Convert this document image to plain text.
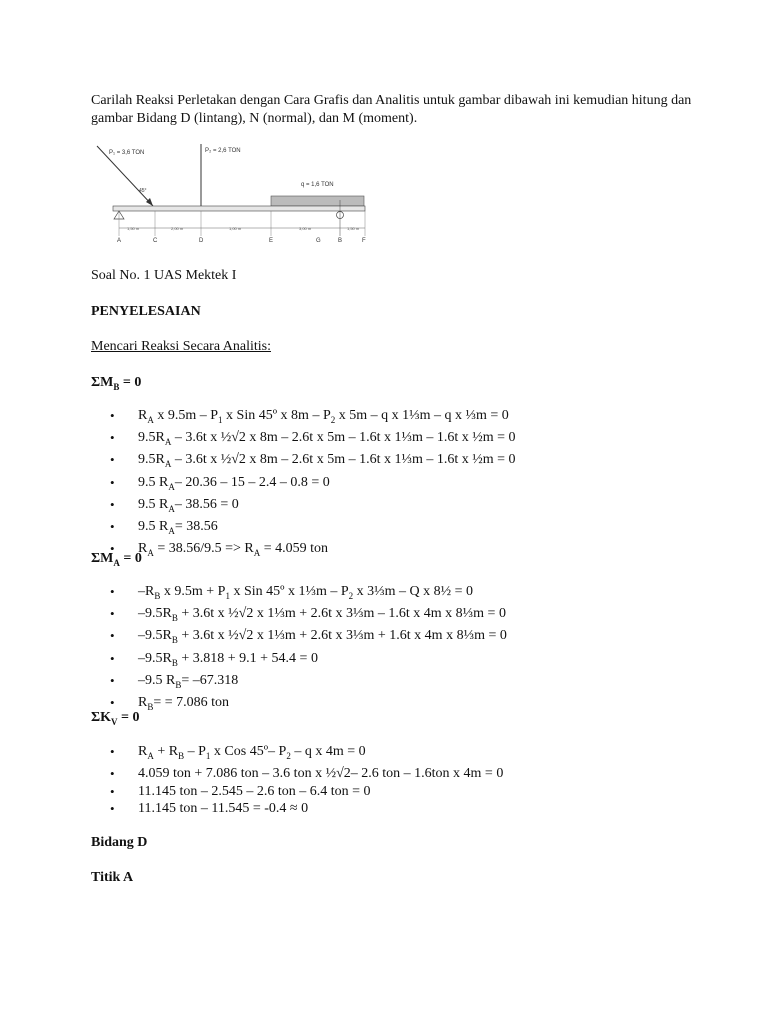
Carilah Reaksi Perletakan dengan Cara Grafis dan Analitis untuk gambar dibawah ini kemudian hitung dan gambar Bidang D (lintang), N (normal), dan M (moment).

P₁ = 3,6 TON
45°
P₂ = 2,6 TON
q = 1,6 TON
1,50 m	2,00 m	1,00 m	3,00 m	1,50 m
A	C	D	E	G	B	F

Soal No. 1 UAS Mektek I

PENYELESAIAN

Mencari Reaksi Secara Analitis:

$\Sigma M_B = 0$

• $R_A$ x $9.5m - P_1$ x Sin 45º x $8m - P_2$ x 5m – q x 1⅓m – q x ⅓m = 0
• $9.5R_A - 3.6t$ x ½√2 x 8m – 2.6t x 5m – 1.6t x 1⅓m – 1.6t x ½m = 0
• $9.5R_A - 3.6t$ x ½√2 x 8m – 2.6t x 5m – 1.6t x 1⅓m – 1.6t x ½m = 0
• 9.5 $R_A-$ 20.36 – 15 – 2.4 – 0.8 = 0
• 9.5 $R_A-$ 38.56 = 0
• 9.5 $R_A= 38.56$
• $R_A = 38.56/9.5 => R_A = 4.059$ ton

$\Sigma M_A = 0$

• $-R_B$ x $9.5m + P_1$ x Sin 45º x 1⅓m – $P_2$ x 3⅓m – Q x 8½ = 0
• $-9.5R_B + 3.6t$ x ½√2 x 1⅓m + 2.6t x 3⅓m – 1.6t x 4m x 8⅓m = 0
• $-9.5R_B + 3.6t$ x ½√2 x 1⅓m + 2.6t x 3⅓m + 1.6t x 4m x 8⅓m = 0
• $-9.5R_B + 3.818 + 9.1 + 54.4 = 0$
• –9.5 $R_B= -67.318$
• $R_B= = 7.086$ ton

$\Sigma K_V = 0$

• $R_A + R_B - P_1$ x Cos 45º– $P_2$ – q x 4m = 0
• 4.059 ton + 7.086 ton – 3.6 ton x ½√2– 2.6 ton – 1.6ton x 4m = 0
• 11.145 ton – 2.545 – 2.6 ton – 6.4 ton = 0
• 11.145 ton – 11.545 = -0.4 ≈ 0

Bidang D

Titik A
